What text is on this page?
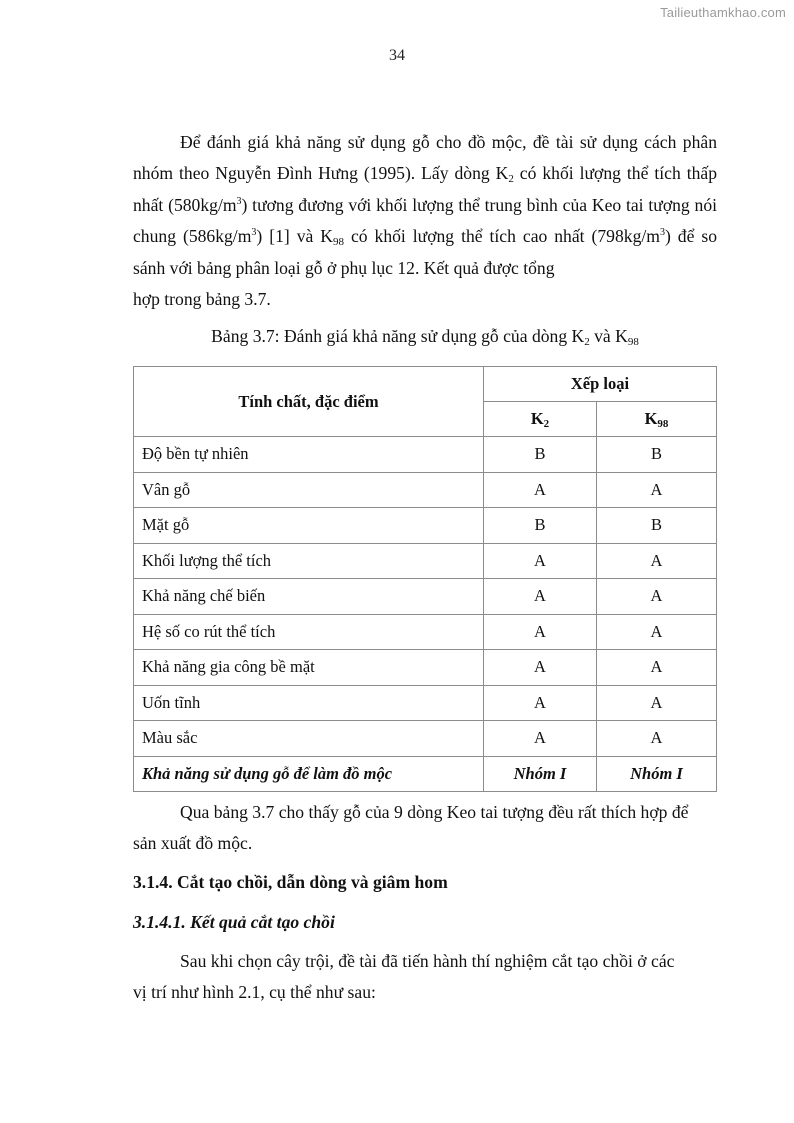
Tailieuthamkhao.com
34

Để đánh giá khả năng sử dụng gỗ cho đồ mộc, đề tài sử dụng cách phân nhóm theo Nguyễn Đình Hưng (1995). Lấy dòng $K_2$ có khối lượng thể tích thấp nhất $(580kg/m^3)$ tương đương với khối lượng thể trung bình của Keo tai tượng nói chung $(586kg/m^3)$ [1] và $K_{98}$ có khối lượng thể tích cao nhất $(798kg/m^3)$ để so sánh với bảng phân loại gỗ ở phụ lục 12. Kết quả được tổng
hợp trong bảng 3.7.

Bảng 3.7: Đánh giá khả năng sử dụng gỗ của dòng $K_2$ và $K_{98}$
Tính chất, đặc điểm	Xếp loại	
	$K_2$	$K_{98}$
Độ bền tự nhiên	B	B
Vân gỗ	A	A
Mặt gỗ	B	B
Khối lượng thể tích	A	A
Khả năng chế biến	A	A
Hệ số co rút thể tích	A	A
Khả năng gia công bề mặt	A	A
Uốn tĩnh	A	A
Màu sắc	A	A
Khả năng sử dụng gỗ để làm đồ mộc	Nhóm I	Nhóm I

Qua bảng 3.7 cho thấy gỗ của 9 dòng Keo tai tượng đều rất thích hợp để
sản xuất đồ mộc.

3.1.4. Cắt tạo chồi, dẫn dòng và giâm hom
3.1.4.1. Kết quả cắt tạo chồi

Sau khi chọn cây trội, đề tài đã tiến hành thí nghiệm cắt tạo chồi ở các
vị trí như hình 2.1, cụ thể như sau:
